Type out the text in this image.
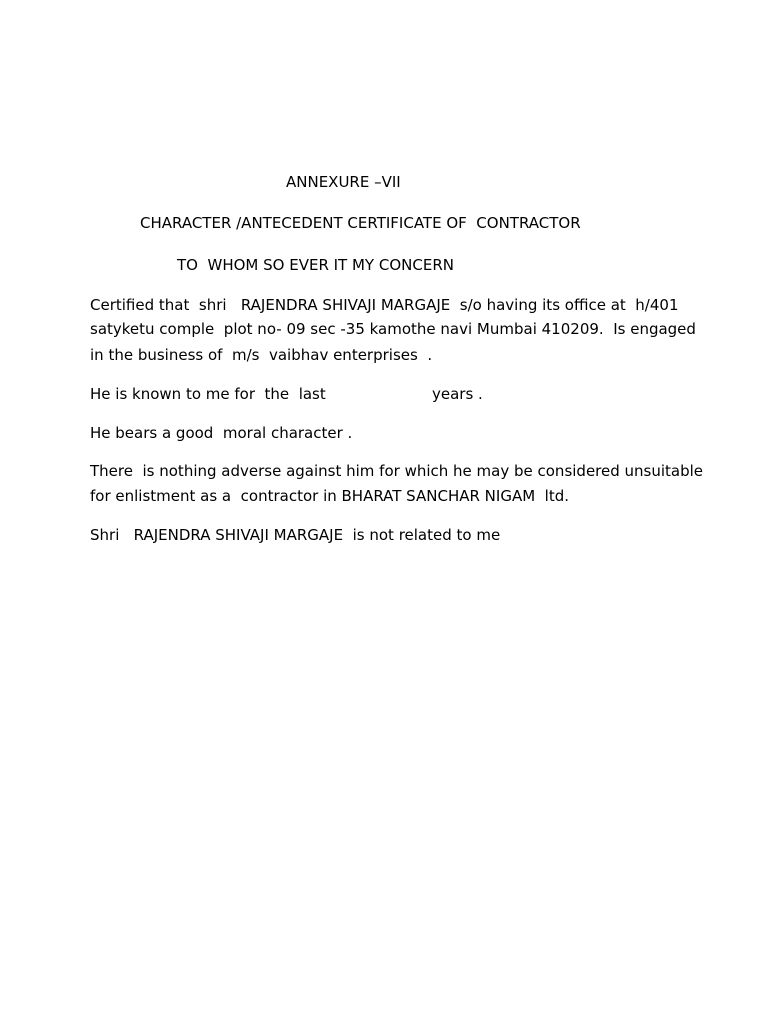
ANNEXURE –VII
CHARACTER /ANTECEDENT CERTIFICATE OF  CONTRACTOR
TO  WHOM SO EVER IT MY CONCERN
Certified that  shri   RAJENDRA SHIVAJI MARGAJE  s/o having its office at  h/401
satyketu comple  plot no- 09 sec -35 kamothe navi Mumbai 410209.  Is engaged
in the business of  m/s  vaibhav enterprises  .
He is known to me for  the  last	years .
He bears a good  moral character .
There  is nothing adverse against him for which he may be considered unsuitable
for enlistment as a  contractor in BHARAT SANCHAR NIGAM  ltd.
Shri   RAJENDRA SHIVAJI MARGAJE  is not related to me
